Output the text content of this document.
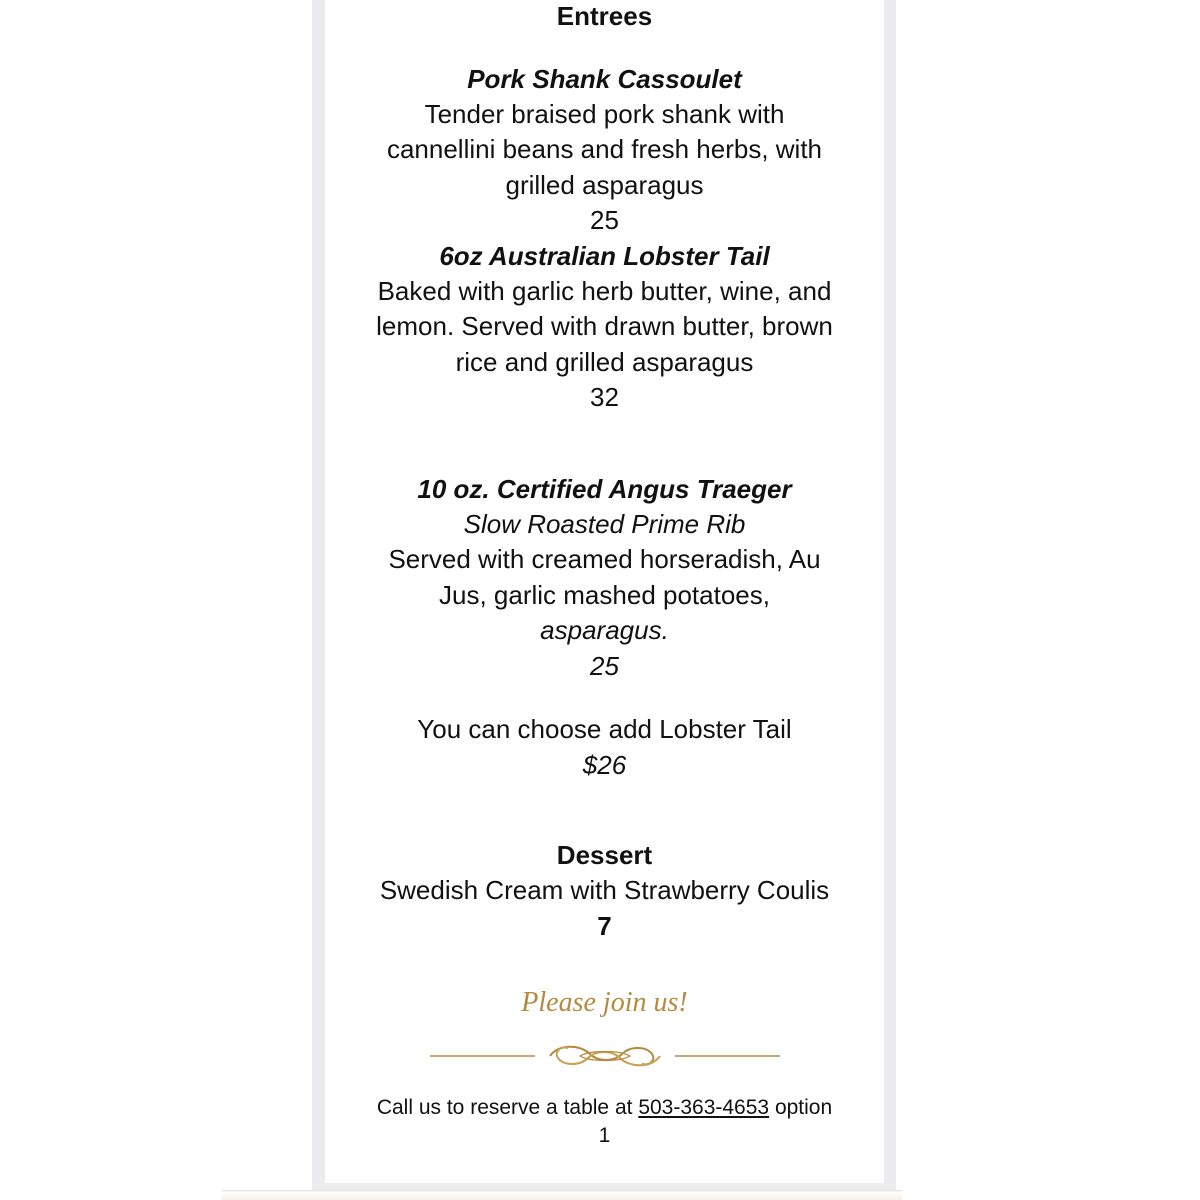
Entrees

Pork Shank Cassoulet

Tender braised pork shank with

cannellini beans and fresh herbs, with

grilled asparagus

25

6oz Australian Lobster Tail

Baked with garlic herb butter, wine, and

lemon. Served with drawn butter, brown

rice and grilled asparagus

32

10 oz. Certified Angus Traeger

Slow Roasted Prime Rib

Served with creamed horseradish, Au

Jus, garlic mashed potatoes,

asparagus.

25

You can choose add Lobster Tail

$26

Dessert

Swedish Cream with Strawberry Coulis

7

Please join us!

Call us to reserve a table at 503-363-4653 option

1
